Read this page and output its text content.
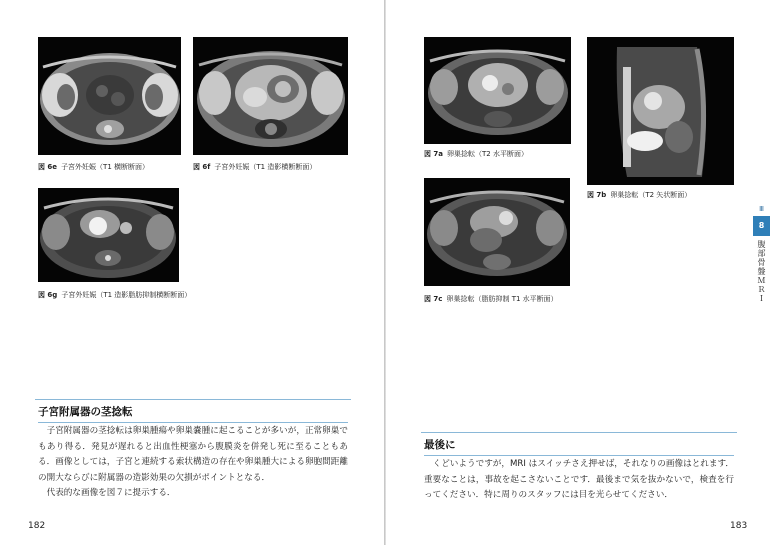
図 6e 子宮外妊娠（T1 横断断面）	図 6f 子宮外妊娠（T1 造影横断断面）
図 6g 子宮外妊娠（T1 造影脂肪抑制横断断面）
子宮附属器の茎捻転

子宮附属器の茎捻転は卵巣腫瘍や卵巣嚢腫に起こることが多いが，正常卵巣でもあり得る．発見が遅れると出血性梗塞から腹膜炎を併発し死に至ることもある．画像としては，子宮と連続する索状構造の存在や卵巣腫大による卵胞間距離の開大ならびに附属器の造影効果の欠損がポイントとなる．

代表的な画像を図７に提示する．

182
図 7a 卵巣捻転（T2 水平断面）
図 7b 卵巣捻転（T2 矢状断面）
図 7c 卵巣捻転（脂肪抑制 T1 水平断面）
最後に

くどいようですが，MRI はスイッチさえ押せば，それなりの画像はとれます．重要なことは，事故を起こさないことです．最後まで気を抜かないで，検査を行ってください．特に周りのスタッフには目を光らせてください．

183
Ⅲ
8
腹部骨盤ＭＲＩ
